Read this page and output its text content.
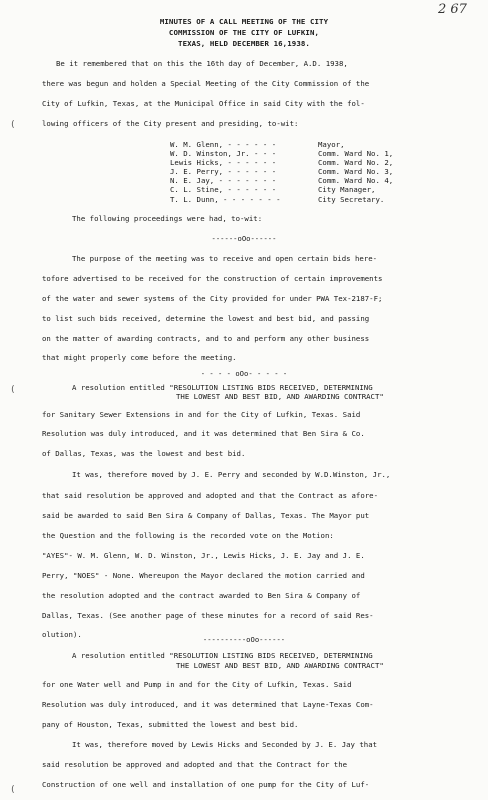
2 67
MINUTES OF A CALL MEETING OF THE CITY
COMMISSION OF THE CITY OF LUFKIN,
TEXAS, HELD DECEMBER 16,1938.
Be it remembered that on this the 16th day of December, A.D. 1938,
there was begun and holden a Special Meeting of the City Commission of the
City of Lufkin, Texas, at the Municipal Office in said City with the fol-
lowing officers of the City present and presiding, to-wit:
(
W. M. Glenn, - - - - - -	Mayor,
W. D. Winston, Jr. - - -	Comm. Ward No. 1,
Lewis Hicks, - - - - - -	Comm. Ward No. 2,
J. E. Perry, - - - - - -	Comm. Ward No. 3,
N. E. Jay, - - - - - - -	Comm. Ward No. 4,
C. L. Stine, - - - - - -	City Manager,
T. L. Dunn, - - - - - - -	City Secretary.
The following proceedings were had, to-wit:
------oOo------
The purpose of the meeting was to receive and open certain bids here-
tofore advertised to be received for the construction of certain improvements
of the water and sewer systems of the City provided for under PWA Tex-2187-F;
to list such bids received, determine the lowest and best bid, and passing
on the matter of awarding contracts, and to and perform any other business
that might properly come before the meeting.
- - - - oOo- - - - -
(	A resolution entitled "RESOLUTION LISTING BIDS RECEIVED, DETERMINING
THE LOWEST AND BEST BID, AND AWARDING CONTRACT"
for Sanitary Sewer Extensions in and for the City of Lufkin, Texas. Said
Resolution was duly introduced, and it was determined that Ben Sira & Co.
of Dallas, Texas, was the lowest and best bid.
It was, therefore moved by J. E. Perry and seconded by W.D.Winston, Jr.,
that said resolution be approved and adopted and that the Contract as afore-
said be awarded to said Ben Sira & Company of Dallas, Texas. The Mayor put
the Question and the following is the recorded vote on the Motion:
"AYES"- W. M. Glenn, W. D. Winston, Jr., Lewis Hicks, J. E. Jay and J. E.
Perry, "NOES" - None. Whereupon the Mayor declared the motion carried and
the resolution adopted and the contract awarded to Ben Sira & Company of
Dallas, Texas. (See another page of these minutes for a record of said Res-
olution).
----------oOo------
A resolution entitled "RESOLUTION LISTING BIDS RECEIVED, DETERMINING
THE LOWEST AND BEST BID, AND AWARDING CONTRACT"
for one Water well and Pump in and for the City of Lufkin, Texas. Said
Resolution was duly introduced, and it was determined that Layne-Texas Com-
pany of Houston, Texas, submitted the lowest and best bid.
It was, therefore moved by Lewis Hicks and Seconded by J. E. Jay that
said resolution be approved and adopted and that the Contract for the
Construction of one well and installation of one pump for the City of Luf-
(
